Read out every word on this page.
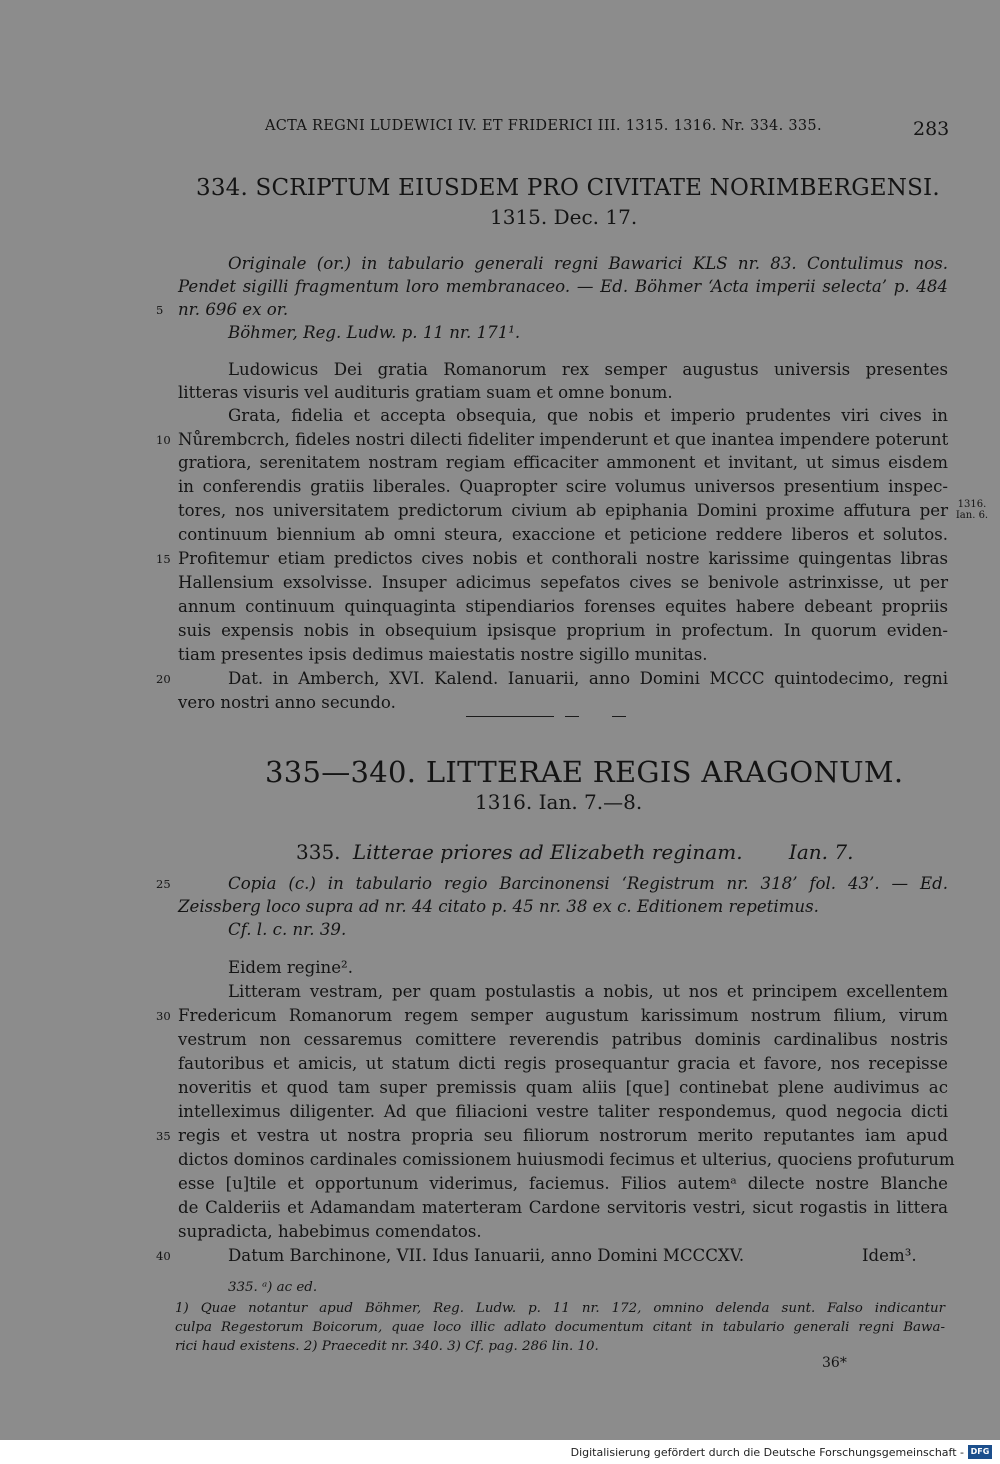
ACTA REGNI LUDEWICI IV. ET FRIDERICI III. 1315. 1316. Nr. 334. 335.	283
334. SCRIPTUM EIUSDEM PRO CIVITATE NORIMBERGENSI.
1315. Dec. 17.
Originale (or.) in tabulario generali regni Bawarici KLS nr. 83. Contulimus nos.
Pendet sigilli fragmentum loro membranaceo. — Ed. Böhmer ‘Acta imperii selecta’ p. 484
nr. 696 ex or.
Böhmer, Reg. Ludw. p. 11 nr. 171¹.
Ludowicus Dei gratia Romanorum rex semper augustus universis presentes
litteras visuris vel audituris gratiam suam et omne bonum.
Grata, fidelia et accepta obsequia, que nobis et imperio prudentes viri cives in
Nůrembcrch, fideles nostri dilecti fideliter impenderunt et que inantea impendere poterunt
gratiora, serenitatem nostram regiam efficaciter ammonent et invitant, ut simus eisdem
in conferendis gratiis liberales. Quapropter scire volumus universos presentium inspec-
tores, nos universitatem predictorum civium ab epiphania Domini proxime affutura per
continuum biennium ab omni steura, exaccione et peticione reddere liberos et solutos.
Profitemur etiam predictos cives nobis et conthorali nostre karissime quingentas libras
Hallensium exsolvisse. Insuper adicimus sepefatos cives se benivole astrinxisse, ut per
annum continuum quinquaginta stipendiarios forenses equites habere debeant propriis
suis expensis nobis in obsequium ipsisque proprium in profectum. In quorum eviden-
tiam presentes ipsis dedimus maiestatis nostre sigillo munitas.
Dat. in Amberch, XVI. Kalend. Ianuarii, anno Domini MCCC quintodecimo, regni
vero nostri anno secundo.
1316.
Ian. 6.
335—340. LITTERAE REGIS ARAGONUM.
1316. Ian. 7.—8.
335. Litterae priores ad Elizabeth reginam. Ian. 7.
Copia (c.) in tabulario regio Barcinonensi ‘Registrum nr. 318’ fol. 43’. — Ed.
Zeissberg loco supra ad nr. 44 citato p. 45 nr. 38 ex c. Editionem repetimus.
Cf. l. c. nr. 39.
Eidem regine².
Litteram vestram, per quam postulastis a nobis, ut nos et principem excellentem
Fredericum Romanorum regem semper augustum karissimum nostrum filium, virum
vestrum non cessaremus comittere reverendis patribus dominis cardinalibus nostris
fautoribus et amicis, ut statum dicti regis prosequantur gracia et favore, nos recepisse
noveritis et quod tam super premissis quam aliis [que] continebat plene audivimus ac
intelleximus diligenter. Ad que filiacioni vestre taliter respondemus, quod negocia dicti
regis et vestra ut nostra propria seu filiorum nostrorum merito reputantes iam apud
dictos dominos cardinales comissionem huiusmodi fecimus et ulterius, quociens profuturum
esse [u]tile et opportunum viderimus, faciemus. Filios autemᵃ dilecte nostre Blanche
de Calderiis et Adamandam materteram Cardone servitoris vestri, sicut rogastis in littera
supradicta, habebimus comendatos.
Datum Barchinone, VII. Idus Ianuarii, anno Domini MCCCXV.	Idem³.
5
10
15
20
25
30
35
40
335. ᵃ) ac ed.
1) Quae notantur apud Böhmer, Reg. Ludw. p. 11 nr. 172, omnino delenda sunt. Falso indicantur
culpa Regestorum Boicorum, quae loco illic adlato documentum citant in tabulario generali regni Bawa-
rici haud existens. 2) Praecedit nr. 340. 3) Cf. pag. 286 lin. 10.
36*
Digitalisierung gefördert durch die Deutsche Forschungsgemeinschaft - DFG
